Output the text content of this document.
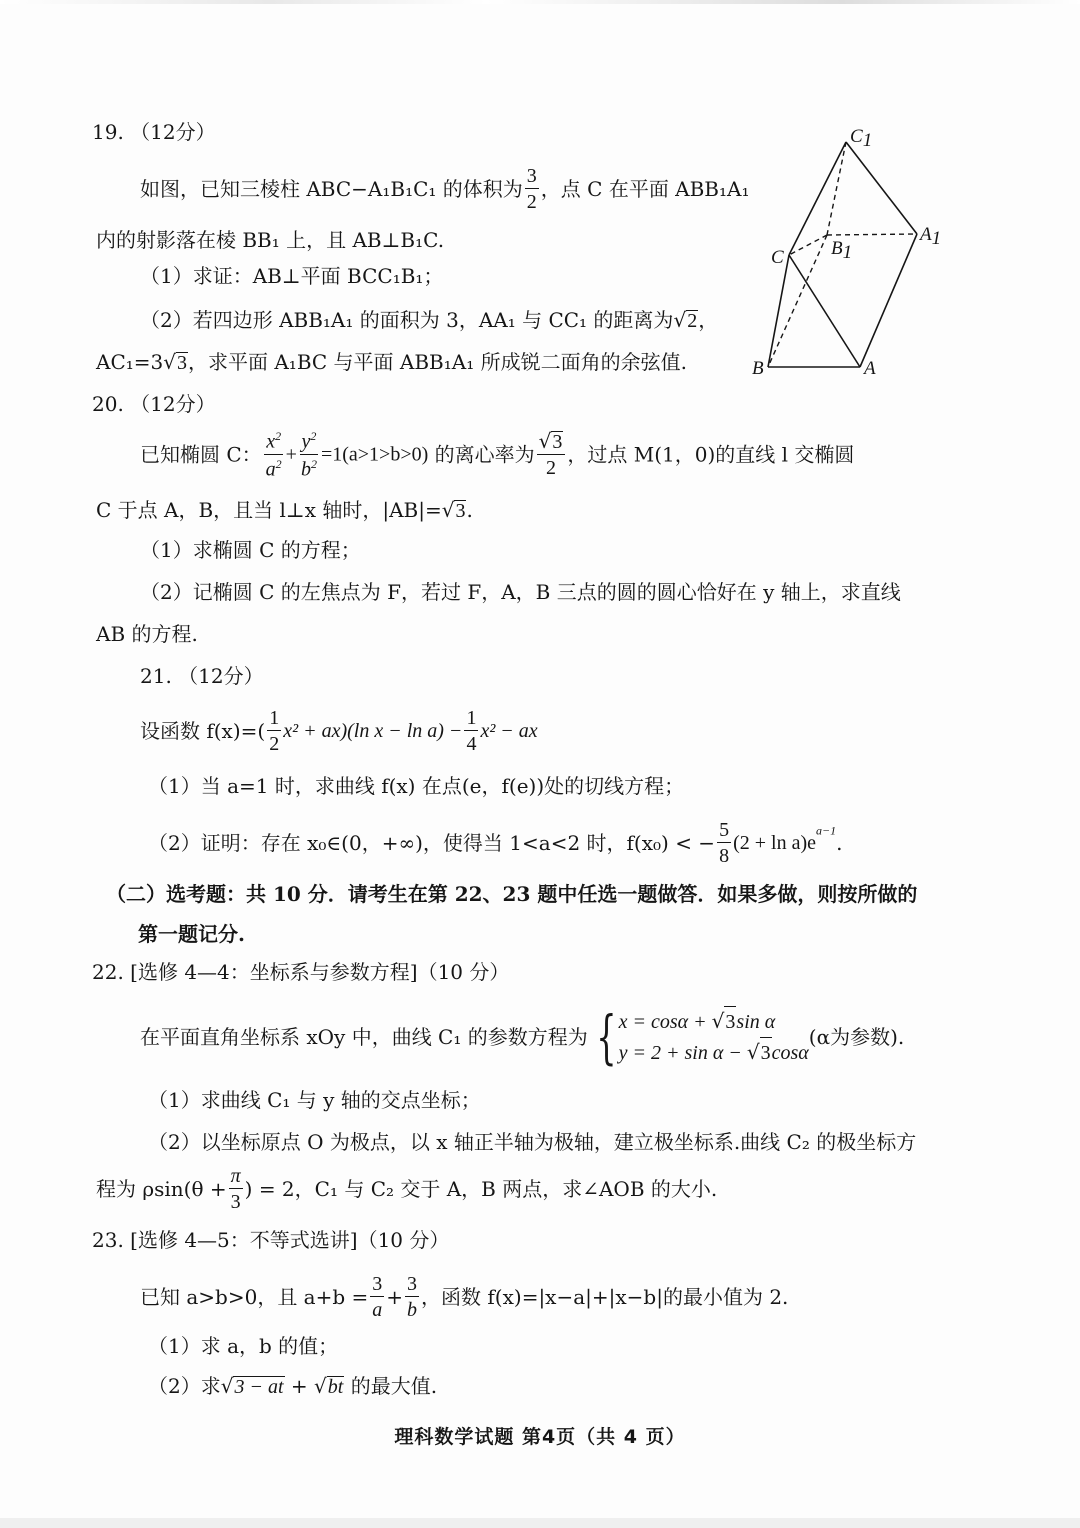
19. （12分）
如图，已知三棱柱 ABC−A₁B₁C₁ 的体积为 $\frac{3}{2}$ ，点 C 在平面 ABB₁A₁
内的射影落在棱 BB₁ 上，且 AB⊥B₁C.
（1）求证：AB⊥平面 BCC₁B₁；
（2）若四边形 ABB₁A₁ 的面积为 3，AA₁ 与 CC₁ 的距离为√2，
AC₁=3√3，求平面 A₁BC 与平面 ABB₁A₁ 所成锐二面角的余弦值.
C1
A1
B1
C
B	A
20. （12分）
已知椭圆 C： $\frac{x^2}{a^2} + \frac{y^2}{b^2} =1(a>1>b>0)$ 的离心率为 $\frac{√3}{2}$ ，过点 M(1，0)的直线 l 交椭圆
C 于点 A，B，且当 l⊥x 轴时，|AB|=√3.
（1）求椭圆 C 的方程；
（2）记椭圆 C 的左焦点为 F，若过 F，A，B 三点的圆的圆心恰好在 y 轴上，求直线
AB 的方程.
21. （12分）
设函数 $f(x)=( \frac{1}{2} x^2 + ax)(\ln$ $x - \ln a) - \frac{1}{4} x^2$ − ax
（1）当 a=1 时，求曲线 f(x) 在点(e，f(e))处的切线方程；
（2）证明：存在 x₀∈(0，+∞)，使得当 1<a<2 时，f(x₀) < − $\frac{5}{8} (2 + \ln a)e^{a-1}$.
（二）选考题：共 10 分．请考生在第 22、23 题中任选一题做答．如果多做，则按所做的
第一题记分.
22. [选修 4—4：坐标系与参数方程]（10 分）
在平面直角坐标系 xOy 中，曲线 C₁ 的参数方程为 { x = cosα + √3sin α
y = 2 + sin α − √3cosα
(α为参数).
（1）求曲线 C₁ 与 y 轴的交点坐标；
（2）以坐标原点 O 为极点，以 x 轴正半轴为极轴，建立极坐标系.曲线 C₂ 的极坐标方
程为 $\rho\sin(\theta + \frac{\pi}{3}$ ) = 2，C₁ 与 C₂ 交于 A，B 两点，求∠AOB 的大小.
23. [选修 4—5：不等式选讲]（10 分）
已知 a>b>0，且 $a+b = \frac{3}{a} + \frac{3}{b}$ ，函数 f(x)=|x−a|+|x−b|的最小值为 2.
（1）求 a，b 的值；
（2）求√3 − at + √bt 的最大值.
理科数学试题 第4页（共 4 页）
